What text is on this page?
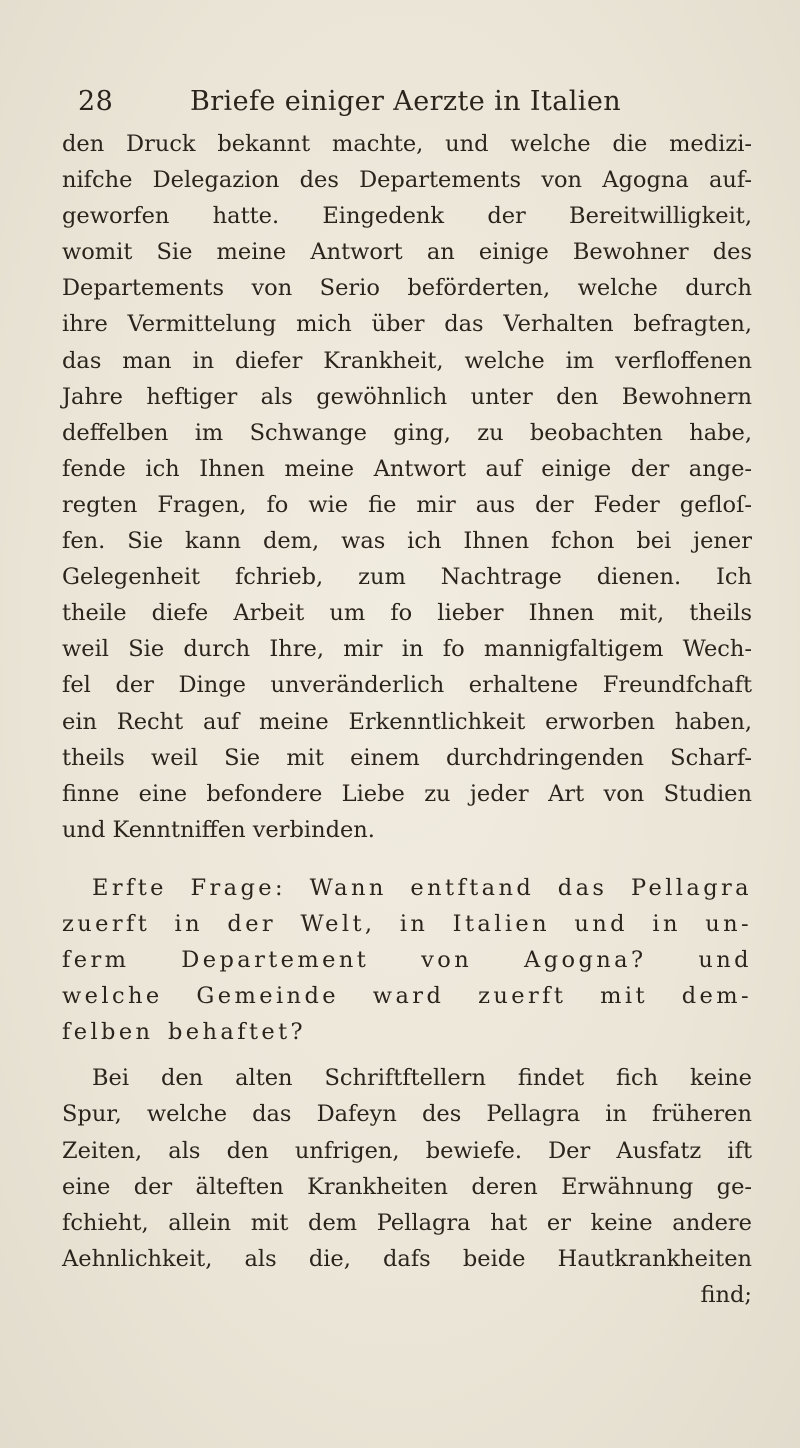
28	Briefe einiger Aerzte in Italien
den Druck bekannt machte, und welche die medizi-
nifche Delegazion des Departements von Agogna auf-
geworfen hatte. Eingedenk der Bereitwilligkeit,
womit Sie meine Antwort an einige Bewohner des
Departements von Serio beförderten, welche durch
ihre Vermittelung mich über das Verhalten befragten,
das man in diefer Krankheit, welche im verfloffenen
Jahre heftiger als gewöhnlich unter den Bewohnern
deffelben im Schwange ging, zu beobachten habe,
fende ich Ihnen meine Antwort auf einige der ange-
regten Fragen, fo wie fie mir aus der Feder gefloſ-
fen. Sie kann dem, was ich Ihnen fchon bei jener
Gelegenheit fchrieb, zum Nachtrage dienen. Ich
theile diefe Arbeit um fo lieber Ihnen mit, theils
weil Sie durch Ihre, mir in fo mannigfaltigem Wech-
fel der Dinge unveränderlich erhaltene Freundfchaft
ein Recht auf meine Erkenntlichkeit erworben haben,
theils weil Sie mit einem durchdringenden Scharf-
finne eine befondere Liebe zu jeder Art von Studien
und Kenntniffen verbinden.
Erfte Frage: Wann entftand das Pellagra
zuerft in der Welt, in Italien und in un-
ferm Departement von Agogna? und
welche Gemeinde ward zuerft mit dem-
felben behaftet?
Bei den alten Schriftftellern findet fich keine
Spur, welche das Dafeyn des Pellagra in früheren
Zeiten, als den unfrigen, bewiefe. Der Ausfatz ift
eine der älteften Krankheiten deren Erwähnung ge-
fchieht, allein mit dem Pellagra hat er keine andere
Aehnlichkeit, als die, dafs beide Hautkrankheiten
find;
